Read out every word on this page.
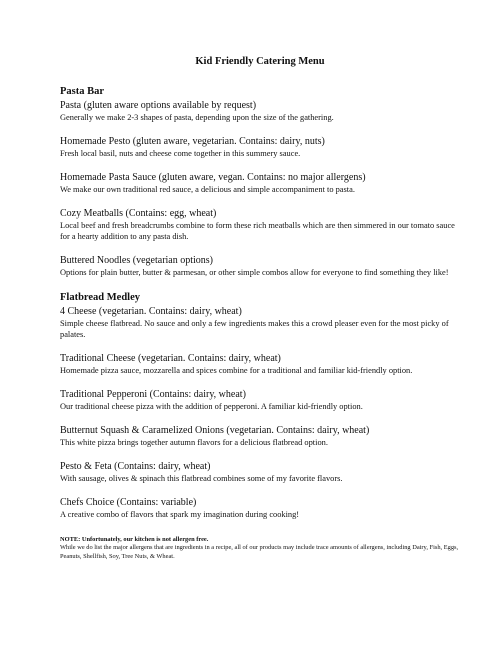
Kid Friendly Catering Menu
Pasta Bar
Pasta (gluten aware options available by request)
Generally we make 2-3 shapes of pasta, depending upon the size of the gathering.
Homemade Pesto (gluten aware, vegetarian. Contains: dairy, nuts)
Fresh local basil, nuts and cheese come together in this summery sauce.
Homemade Pasta Sauce (gluten aware, vegan. Contains: no major allergens)
We make our own traditional red sauce, a delicious and simple accompaniment to pasta.
Cozy Meatballs (Contains: egg, wheat)
Local beef and fresh breadcrumbs combine to form these rich meatballs which are then simmered in our tomato sauce for a hearty addition to any pasta dish.
Buttered Noodles (vegetarian options)
Options for plain butter, butter & parmesan, or other simple combos allow for everyone to find something they like!
Flatbread Medley
4 Cheese (vegetarian. Contains: dairy, wheat)
Simple cheese flatbread. No sauce and only a few ingredients makes this a crowd pleaser even for the most picky of palates.
Traditional Cheese (vegetarian. Contains: dairy, wheat)
Homemade pizza sauce, mozzarella and spices combine for a traditional and familiar kid-friendly option.
Traditional Pepperoni (Contains: dairy, wheat)
Our traditional cheese pizza with the addition of pepperoni. A familiar kid-friendly option.
Butternut Squash & Caramelized Onions (vegetarian. Contains: dairy, wheat)
This white pizza brings together autumn flavors for a delicious flatbread option.
Pesto & Feta (Contains: dairy, wheat)
With sausage, olives & spinach this flatbread combines some of my favorite flavors.
Chefs Choice (Contains: variable)
A creative combo of flavors that spark my imagination during cooking!
NOTE: Unfortunately, our kitchen is not allergen free.
While we do list the major allergens that are ingredients in a recipe, all of our products may include trace amounts of allergens, including Dairy, Fish, Eggs, Peanuts, Shellfish, Soy, Tree Nuts, & Wheat.
